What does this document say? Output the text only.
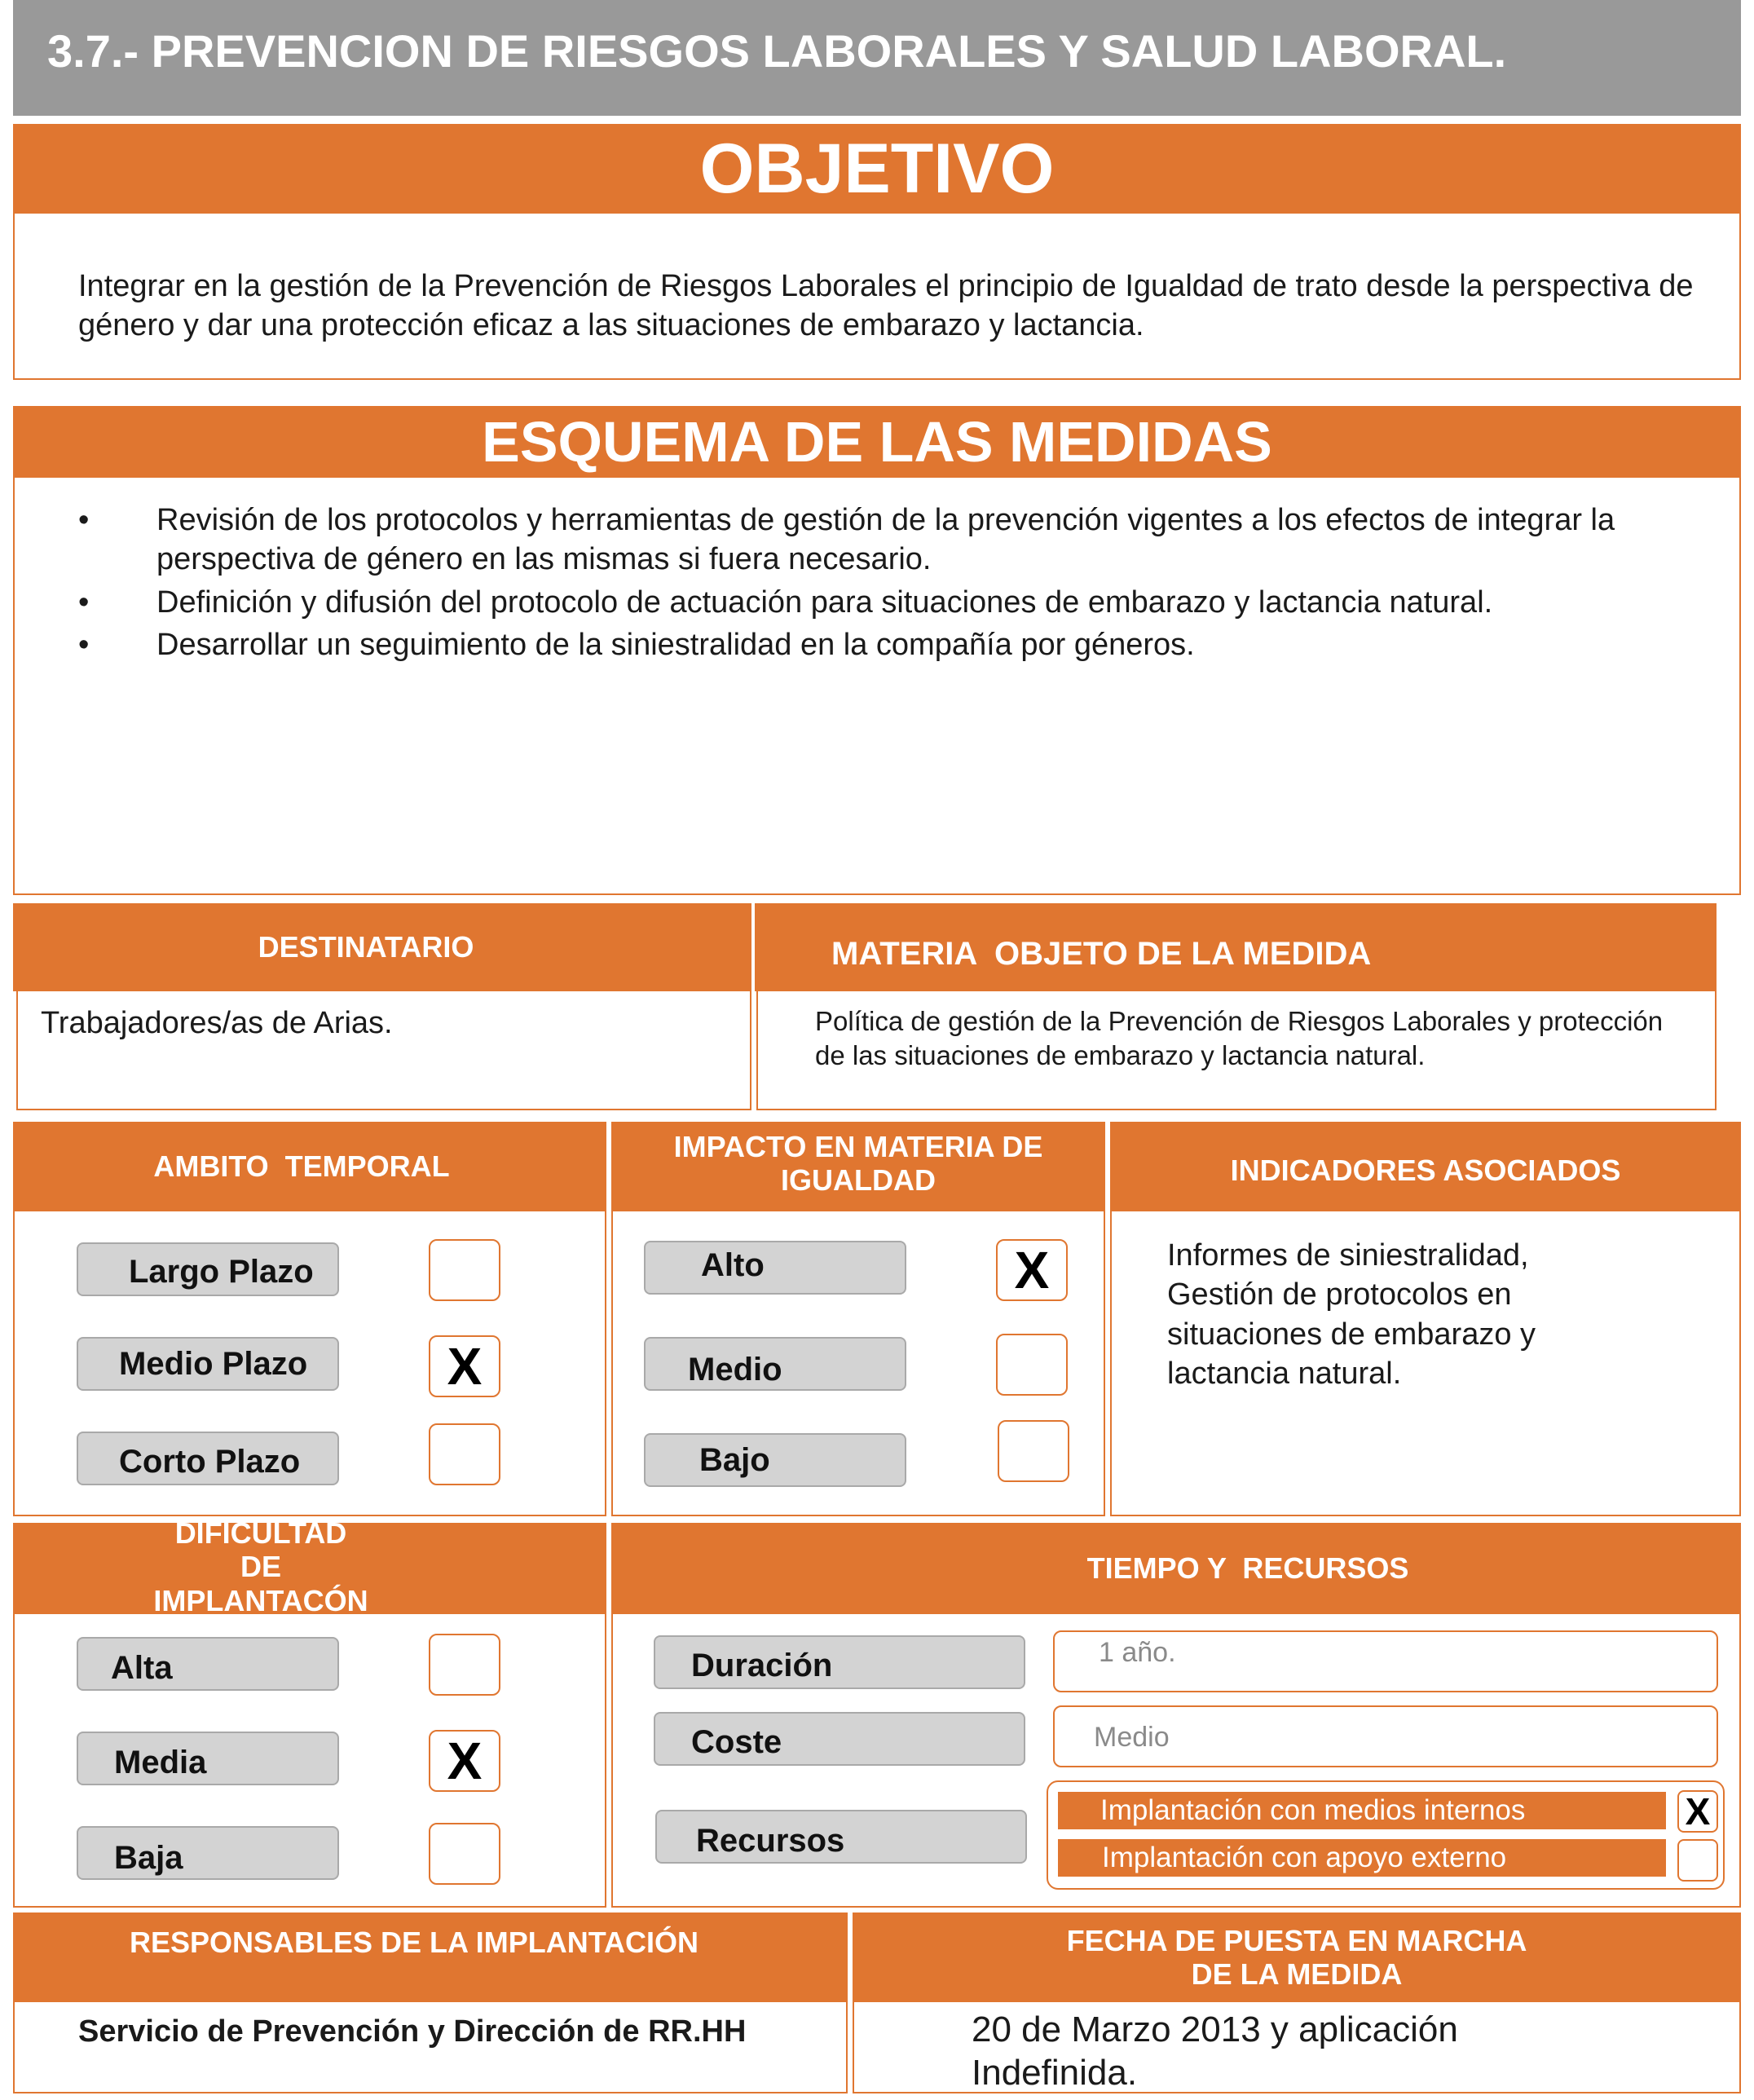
3.7.- PREVENCION DE RIESGOS LABORALES Y SALUD LABORAL.
OBJETIVO
Integrar en la gestión de la Prevención de Riesgos Laborales el principio de Igualdad de trato desde la perspectiva de género y dar una protección eficaz a las situaciones de embarazo y lactancia.
ESQUEMA DE LAS MEDIDAS
•	Revisión de los protocolos y herramientas de gestión de la prevención vigentes a los efectos de integrar la perspectiva de género en las mismas si fuera necesario.
•	Definición y difusión del protocolo de actuación para situaciones de embarazo y lactancia natural.
•	Desarrollar un seguimiento de la siniestralidad en la compañía por géneros.
DESTINATARIO
Trabajadores/as de Arias.
MATERIA  OBJETO DE LA MEDIDA
Política de gestión de la Prevención de Riesgos Laborales y protección de las situaciones de embarazo y lactancia natural.
AMBITO  TEMPORAL
Largo Plazo
Medio Plazo	X
Corto Plazo
IMPACTO EN MATERIA DE IGUALDAD
Alto	X
Medio
Bajo
INDICADORES ASOCIADOS
Informes de siniestralidad, Gestión de protocolos en situaciones de embarazo y lactancia natural.
DIFICULTAD DE IMPLANTACÓN
Alta
Media	X
Baja
TIEMPO Y  RECURSOS
Duración	1 año.
Coste	Medio
Recursos
Implantación con medios internos	X
Implantación con apoyo externo
RESPONSABLES DE LA IMPLANTACIÓN
Servicio de Prevención y Dirección de RR.HH
FECHA DE PUESTA EN MARCHA DE LA MEDIDA
20 de Marzo 2013 y aplicación Indefinida.
